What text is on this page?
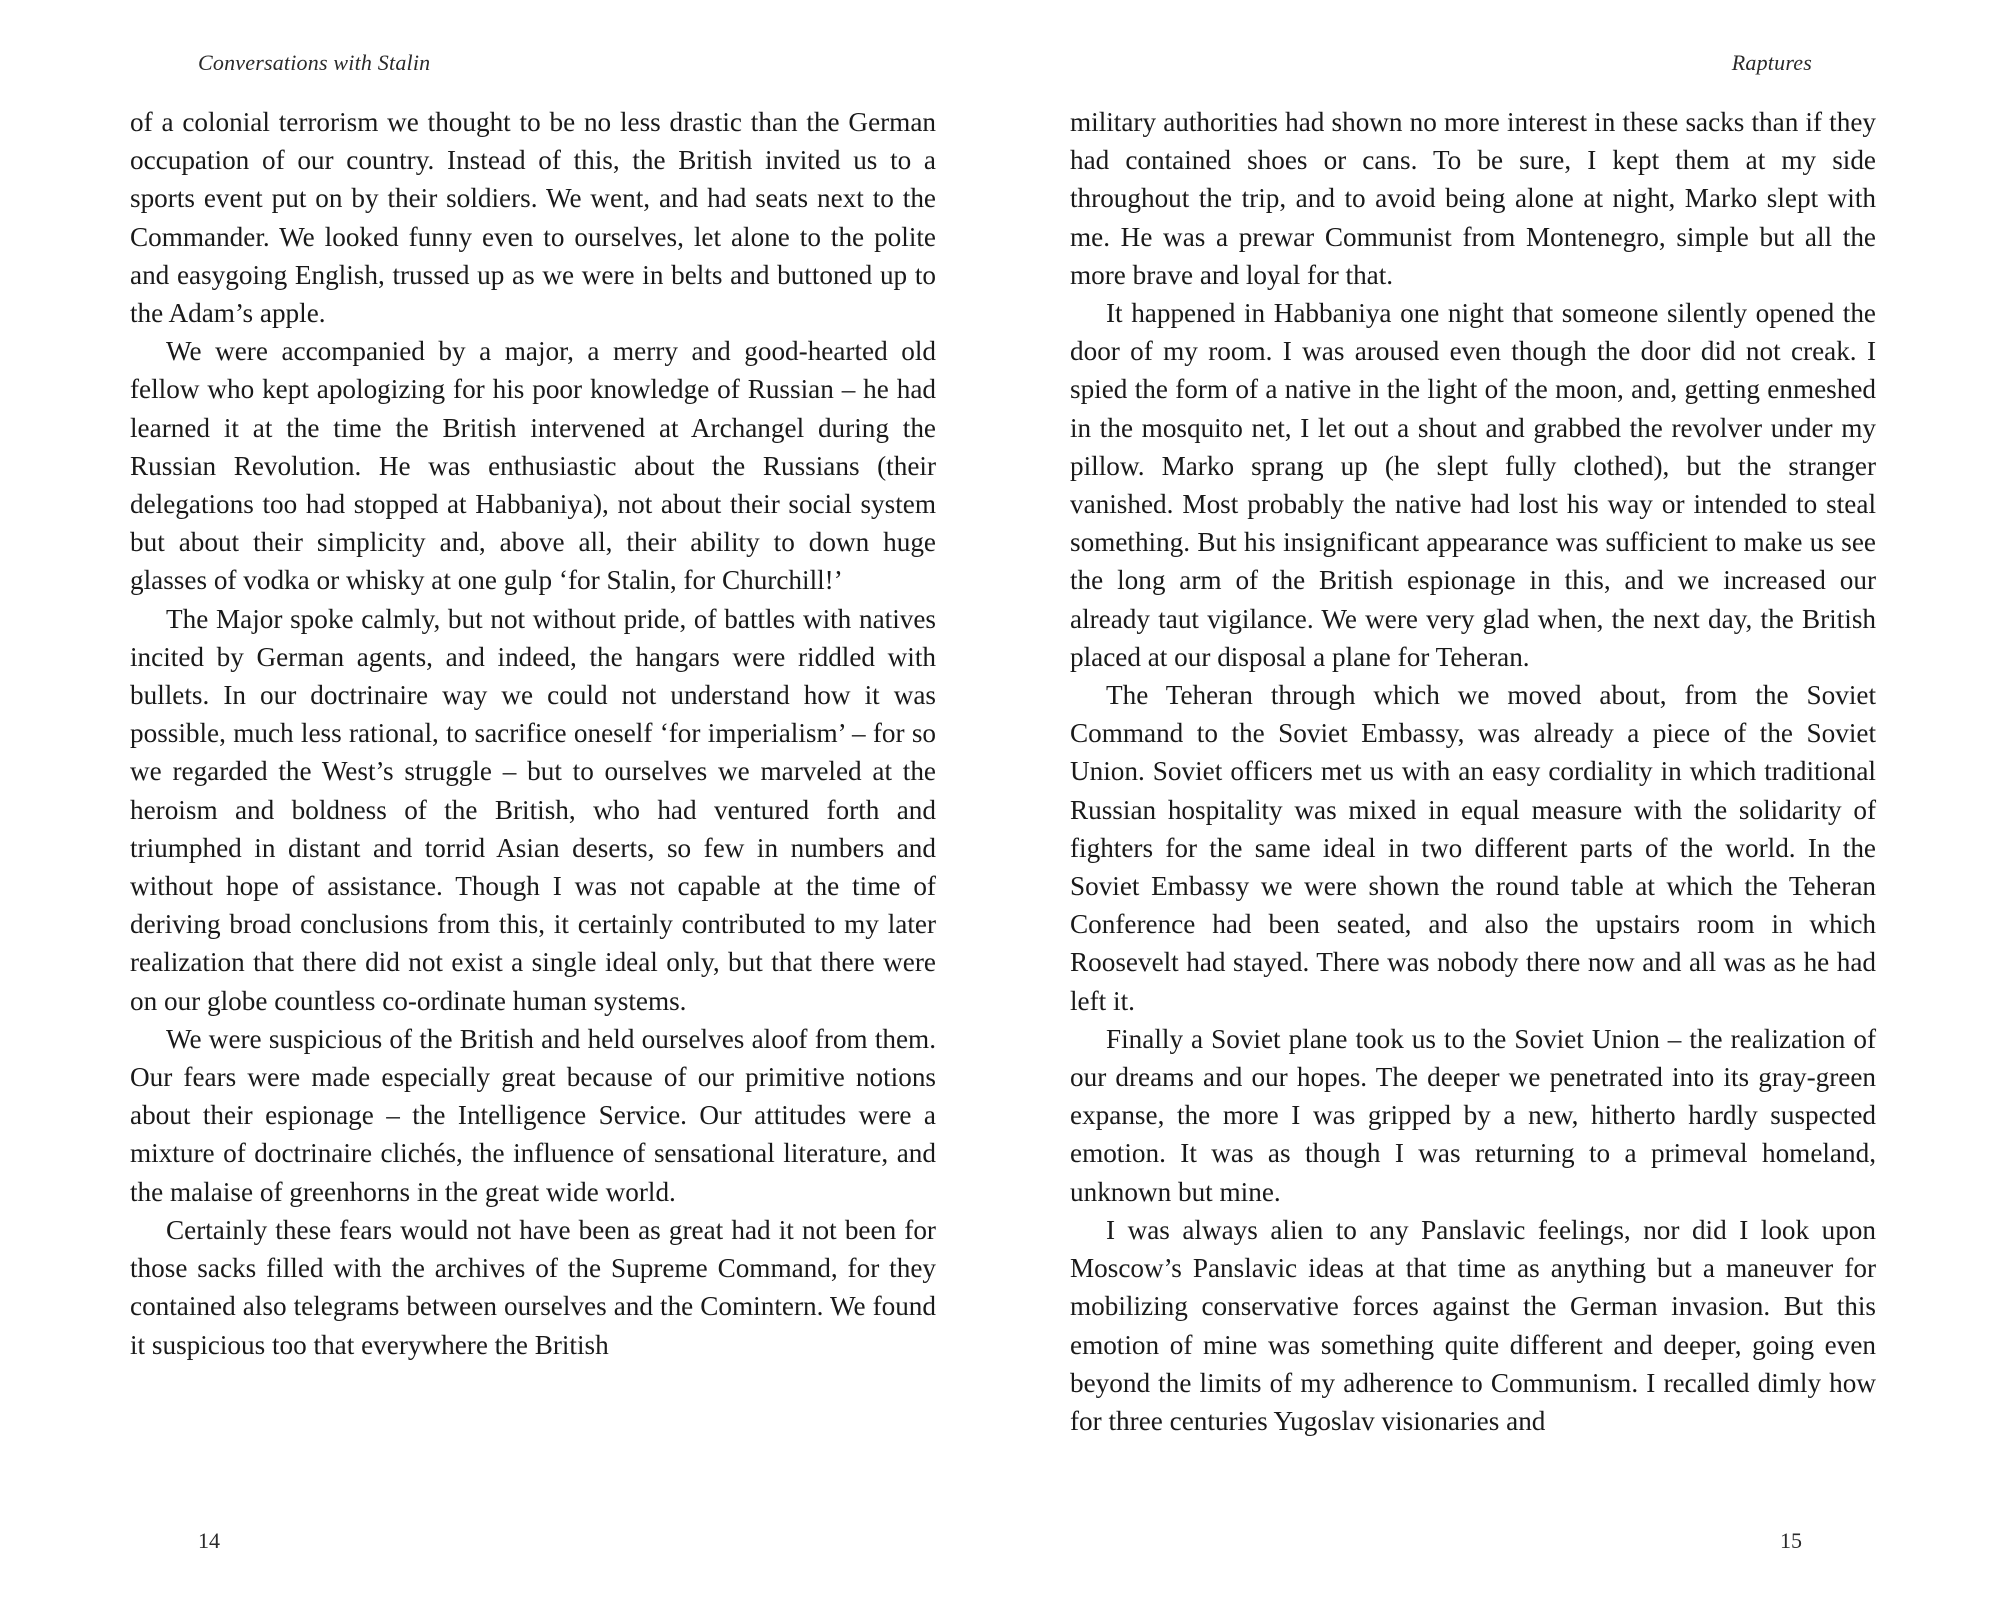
Conversations with Stalin

of a colonial terrorism we thought to be no less drastic than the German occupation of our country. Instead of this, the British invited us to a sports event put on by their soldiers. We went, and had seats next to the Commander. We looked funny even to ourselves, let alone to the polite and easygoing English, trussed up as we were in belts and buttoned up to the Adam’s apple.

We were accompanied by a major, a merry and good-hearted old fellow who kept apologizing for his poor knowledge of Russian – he had learned it at the time the British intervened at Archangel during the Russian Revolution. He was enthusiastic about the Russians (their delegations too had stopped at Habbaniya), not about their social system but about their simplicity and, above all, their ability to down huge glasses of vodka or whisky at one gulp ‘for Stalin, for Churchill!’

The Major spoke calmly, but not without pride, of battles with natives incited by German agents, and indeed, the hangars were riddled with bullets. In our doctrinaire way we could not understand how it was possible, much less rational, to sacrifice oneself ‘for imperialism’ – for so we regarded the West’s struggle – but to ourselves we marveled at the heroism and boldness of the British, who had ventured forth and triumphed in distant and torrid Asian deserts, so few in numbers and without hope of assistance. Though I was not capable at the time of deriving broad conclusions from this, it certainly contributed to my later realization that there did not exist a single ideal only, but that there were on our globe countless co-ordinate human systems.

We were suspicious of the British and held ourselves aloof from them. Our fears were made especially great because of our primitive notions about their espionage – the Intelligence Service. Our attitudes were a mixture of doctrinaire clichés, the influence of sensational literature, and the malaise of greenhorns in the great wide world.

Certainly these fears would not have been as great had it not been for those sacks filled with the archives of the Supreme Command, for they contained also telegrams between ourselves and the Comintern. We found it suspicious too that everywhere the British

14
Raptures

military authorities had shown no more interest in these sacks than if they had contained shoes or cans. To be sure, I kept them at my side throughout the trip, and to avoid being alone at night, Marko slept with me. He was a prewar Communist from Montenegro, simple but all the more brave and loyal for that.

It happened in Habbaniya one night that someone silently opened the door of my room. I was aroused even though the door did not creak. I spied the form of a native in the light of the moon, and, getting enmeshed in the mosquito net, I let out a shout and grabbed the revolver under my pillow. Marko sprang up (he slept fully clothed), but the stranger vanished. Most probably the native had lost his way or intended to steal something. But his insignificant appearance was sufficient to make us see the long arm of the British espionage in this, and we increased our already taut vigilance. We were very glad when, the next day, the British placed at our disposal a plane for Teheran.

The Teheran through which we moved about, from the Soviet Command to the Soviet Embassy, was already a piece of the Soviet Union. Soviet officers met us with an easy cordiality in which traditional Russian hospitality was mixed in equal measure with the solidarity of fighters for the same ideal in two different parts of the world. In the Soviet Embassy we were shown the round table at which the Teheran Conference had been seated, and also the upstairs room in which Roosevelt had stayed. There was nobody there now and all was as he had left it.

Finally a Soviet plane took us to the Soviet Union – the realization of our dreams and our hopes. The deeper we penetrated into its gray-green expanse, the more I was gripped by a new, hitherto hardly suspected emotion. It was as though I was returning to a primeval homeland, unknown but mine.

I was always alien to any Panslavic feelings, nor did I look upon Moscow’s Panslavic ideas at that time as anything but a maneuver for mobilizing conservative forces against the German invasion. But this emotion of mine was something quite different and deeper, going even beyond the limits of my adherence to Communism. I recalled dimly how for three centuries Yugoslav visionaries and

15
